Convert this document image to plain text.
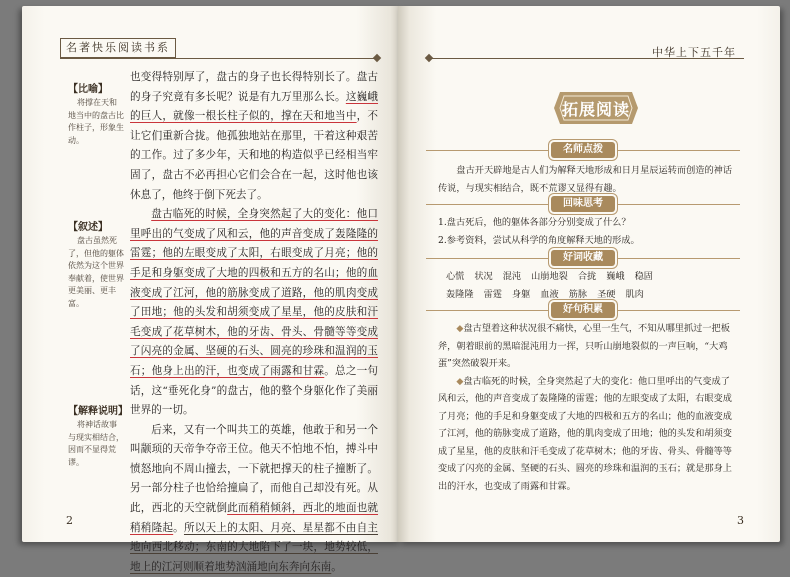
名著快乐阅读书系
【比喻】
将撑在天和地当中的盘古比作柱子，形象生动。
【叙述】
盘古虽然死了，但他的躯体依然为这个世界奉献着，使世界更美丽、更丰富。
【解释说明】
将神话故事与现实相结合，因而不显得荒谬。

也变得特别厚了，盘古的身子也长得特别长了。盘古的身子究竟有多长呢？说是有九万里那么长。这巍峨的巨人，就像一根长柱子似的，撑在天和地当中，不让它们重新合拢。他孤独地站在那里，干着这种艰苦的工作。过了多少年，天和地的构造似乎已经相当牢固了，盘古不必再担心它们会合在一起，这时他也该休息了，他终于倒下死去了。

盘古临死的时候，全身突然起了大的变化：他口里呼出的气变成了风和云，他的声音变成了轰隆隆的雷霆；他的左眼变成了太阳，右眼变成了月亮；他的手足和身躯变成了大地的四极和五方的名山；他的血液变成了江河，他的筋脉变成了道路，他的肌肉变成了田地；他的头发和胡须变成了星星，他的皮肤和汗毛变成了花草树木，他的牙齿、骨头、骨髓等等变成了闪亮的金属、坚硬的石头、圆亮的珍珠和温润的玉石；他身上出的汗，也变成了雨露和甘霖。总之一句话，这“垂死化身”的盘古，他的整个身躯化作了美丽世界的一切。

后来，又有一个叫共工的英雄，他敢于和另一个叫颛顼的天帝争夺帝王位。他天不怕地不怕，搏斗中愤怒地向不周山撞去，一下就把撑天的柱子撞断了。另一部分柱子也恰给撞扁了，而他自己却没有死。从此，西北的天空就倒此而稍稍倾斜，西北的地面也就稍稍隆起。所以天上的太阳、月亮、星星都不由自主地向西北移动；东南的大地陷下了一块，地势较低，地上的江河则顺着地势汹涌地向东奔向东南。

2
中华上下五千年
拓展阅读
名师点拨

盘古开天辟地是古人们为解释天地形成和日月星辰运转而创造的神话传说，与现实相结合，既不荒谬又显得有趣。

回味思考

1.盘古死后，他的躯体各部分分别变成了什么？

2.参考资料，尝试从科学的角度解释天地的形成。

好词收藏
心慌 状况 混沌 山崩地裂 合拢 巍峨 稳固
轰隆隆 雷霆 身躯 血液 筋脉 圣硬 肌肉
好句积累

◆盘古望着这种状况很不痛快，心里一生气，不知从哪里抓过一把板斧，朝着眼前的黑暗混沌用力一挥，只听山崩地裂似的一声巨响，“大鸡蛋”突然破裂开来。

◆盘古临死的时候，全身突然起了大的变化：他口里呼出的气变成了风和云，他的声音变成了轰隆隆的雷霆；他的左眼变成了太阳，右眼变成了月亮；他的手足和身躯变成了大地的四极和五方的名山；他的血液变成了江河，他的筋脉变成了道路，他的肌肉变成了田地；他的头发和胡须变成了星星，他的皮肤和汗毛变成了花草树木；他的牙齿、骨头、骨髓等等变成了闪亮的金属、坚硬的石头、圆亮的珍珠和温润的玉石；就是那身上出的汗水，也变成了雨露和甘霖。

3
